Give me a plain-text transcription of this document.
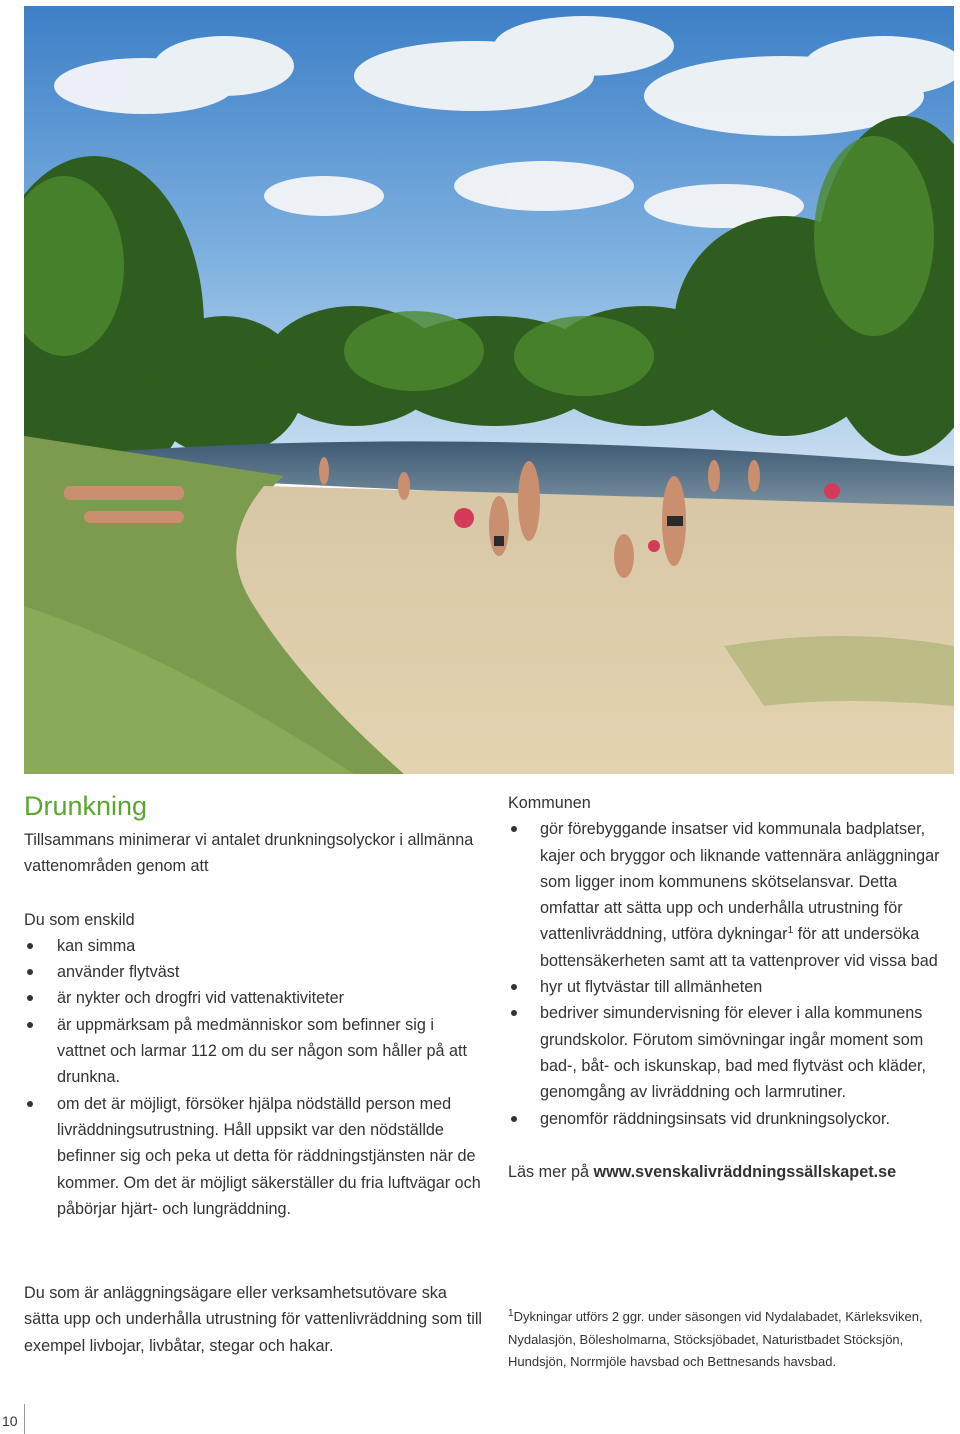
Drunkning

Tillsammans minimerar vi antalet drunkningsolyckor i allmänna vattenområden genom att

Du som enskild

kan simma
använder flytväst
är nykter och drogfri vid vattenaktiviteter
är uppmärksam på medmänniskor som befinner sig i vattnet och larmar 112 om du ser någon som håller på att drunkna.
om det är möjligt, försöker hjälpa nödställd person med livräddningsutrustning. Håll uppsikt var den nödställde befinner sig och peka ut detta för räddningstjänsten när de kommer. Om det är möjligt säkerställer du fria luftvägar och påbörjar hjärt- och lungräddning.

Kommunen

gör förebyggande insatser vid kommunala badplatser, kajer och bryggor och liknande vattennära anläggningar som ligger inom kommunens skötselansvar. Detta omfattar att sätta upp och underhålla utrustning för vattenlivräddning, utföra dykningar$^1$ för att undersöka bottensäkerheten samt att ta vattenprover vid vissa bad
hyr ut flytvästar till allmänheten
bedriver simundervisning för elever i alla kommunens grundskolor. Förutom simövningar ingår moment som bad-, båt- och iskunskap, bad med flytväst och kläder, genomgång av livräddning och larmrutiner.
genomför räddningsinsats vid drunkningsolyckor.

Läs mer på www.svenskalivräddningssällskapet.se

Du som är anläggningsägare eller verksamhetsutövare ska sätta upp och underhålla utrustning för vattenlivräddning som till exempel livbojar, livbåtar, stegar och hakar.

$^1$Dykningar utförs 2 ggr. under säsongen vid Nydalabadet, Kärleksviken, Nydalasjön, Bölesholmarna, Stöcksjöbadet, Naturistbadet Stöcksjön, Hundsjön, Norrmjöle havsbad och Bettnesands havsbad.

10
